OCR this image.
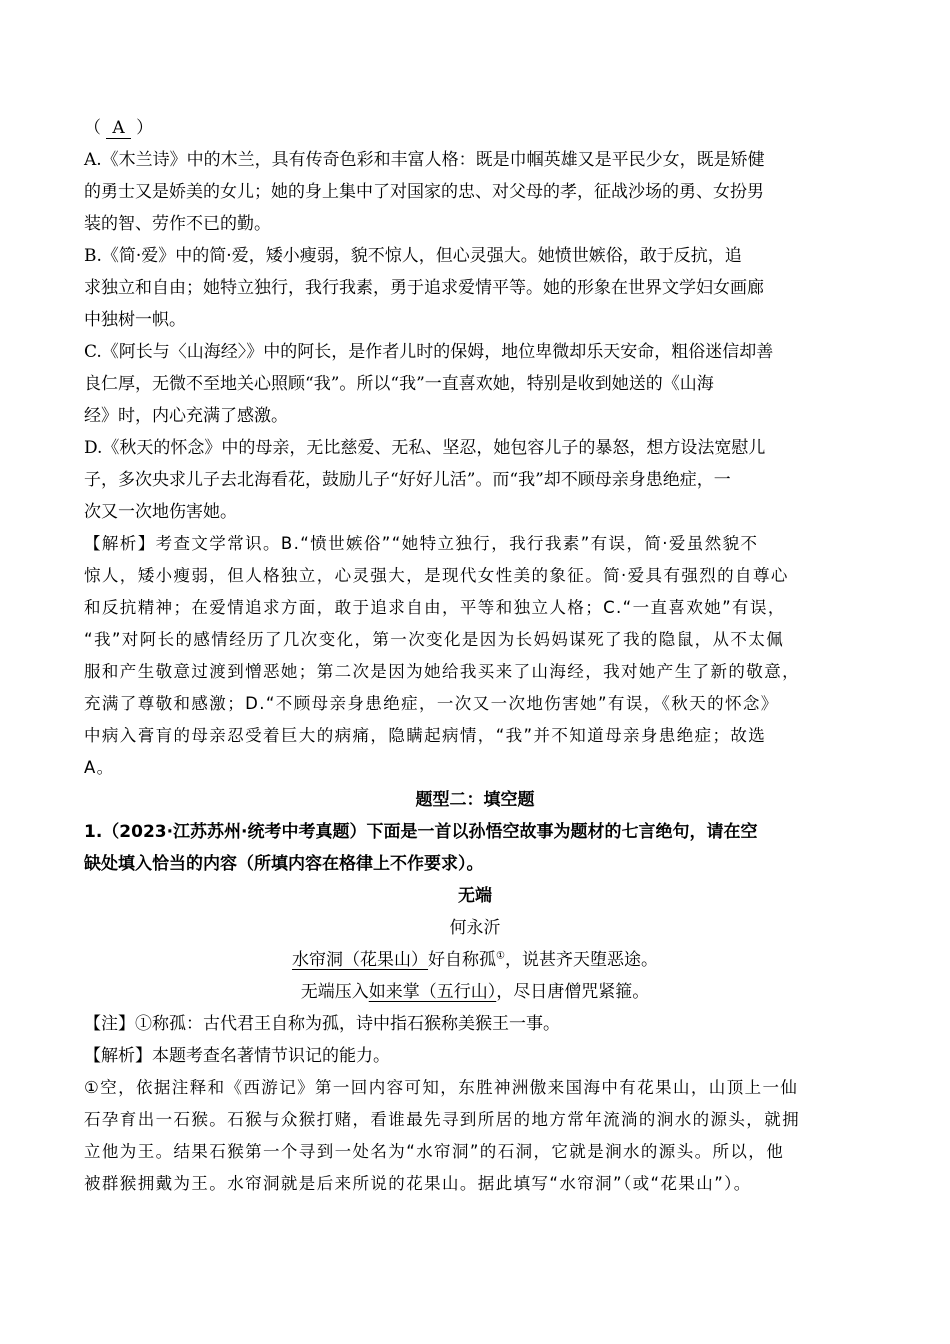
（ A ）
A.《木兰诗》中的木兰，具有传奇色彩和丰富人格：既是巾帼英雄又是平民少女，既是矫健
的勇士又是娇美的女儿；她的身上集中了对国家的忠、对父母的孝，征战沙场的勇、女扮男
装的智、劳作不已的勤。
B.《简·爱》中的简·爱，矮小瘦弱，貌不惊人，但心灵强大。她愤世嫉俗，敢于反抗，追
求独立和自由；她特立独行，我行我素，勇于追求爱情平等。她的形象在世界文学妇女画廊
中独树一帜。
C.《阿长与〈山海经〉》中的阿长，是作者儿时的保姆，地位卑微却乐天安命，粗俗迷信却善
良仁厚，无微不至地关心照顾“我”。所以“我”一直喜欢她，特别是收到她送的《山海
经》时，内心充满了感激。
D.《秋天的怀念》中的母亲，无比慈爱、无私、坚忍，她包容儿子的暴怒，想方设法宽慰儿
子，多次央求儿子去北海看花，鼓励儿子“好好儿活”。而“我”却不顾母亲身患绝症，一
次又一次地伤害她。
【解析】考查文学常识。B.“愤世嫉俗”“她特立独行，我行我素”有误，简·爱虽然貌不
惊人，矮小瘦弱，但人格独立，心灵强大，是现代女性美的象征。简·爱具有强烈的自尊心
和反抗精神；在爱情追求方面，敢于追求自由，平等和独立人格；C.“一直喜欢她”有误，
“我”对阿长的感情经历了几次变化，第一次变化是因为长妈妈谋死了我的隐鼠，从不太佩
服和产生敬意过渡到憎恶她；第二次是因为她给我买来了山海经，我对她产生了新的敬意，
充满了尊敬和感激；D.“不顾母亲身患绝症，一次又一次地伤害她”有误，《秋天的怀念》
中病入膏肓的母亲忍受着巨大的病痛，隐瞒起病情，“我”并不知道母亲身患绝症；故选
A。
题型二：填空题
1.（2023·江苏苏州·统考中考真题）下面是一首以孙悟空故事为题材的七言绝句，请在空
缺处填入恰当的内容（所填内容在格律上不作要求）。
无端
何永沂
水帘洞（花果山）好自称孤①，说甚齐天堕恶途。
无端压入如来掌（五行山），尽日唐僧咒紧箍。
【注】①称孤：古代君王自称为孤，诗中指石猴称美猴王一事。
【解析】本题考查名著情节识记的能力。
①空，依据注释和《西游记》第一回内容可知，东胜神洲傲来国海中有花果山，山顶上一仙
石孕育出一石猴。石猴与众猴打赌，看谁最先寻到所居的地方常年流淌的涧水的源头，就拥
立他为王。结果石猴第一个寻到一处名为“水帘洞”的石洞，它就是涧水的源头。所以，他
被群猴拥戴为王。水帘洞就是后来所说的花果山。据此填写“水帘洞”（或“花果山”）。
